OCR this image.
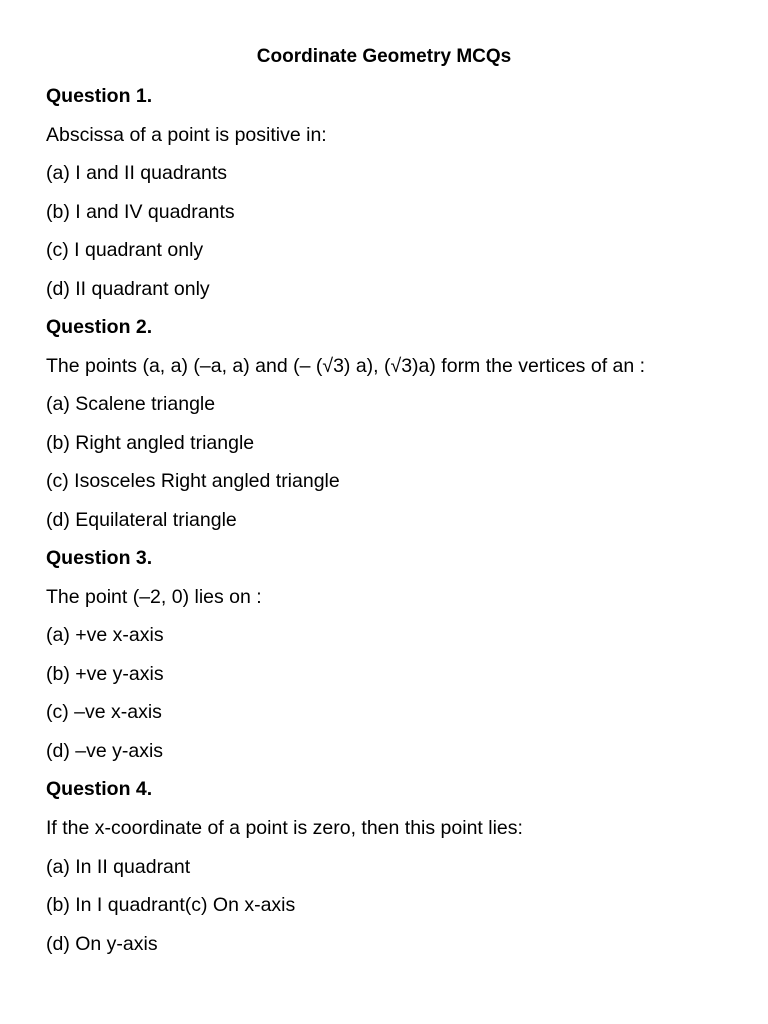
Coordinate Geometry MCQs

Question 1.

Abscissa of a point is positive in:

(a) I and II quadrants

(b) I and IV quadrants

(c) I quadrant only

(d) II quadrant only

Question 2.

The points (a, a) (–a, a) and (– (√3) a), (√3)a) form the vertices of an :

(a) Scalene triangle

(b) Right angled triangle

(c) Isosceles Right angled triangle

(d) Equilateral triangle

Question 3.

The point (–2, 0) lies on :

(a) +ve x-axis

(b) +ve y-axis

(c) –ve x-axis

(d) –ve y-axis

Question 4.

If the x-coordinate of a point is zero, then this point lies:

(a) In II quadrant

(b) In I quadrant(c) On x-axis

(d) On y-axis
